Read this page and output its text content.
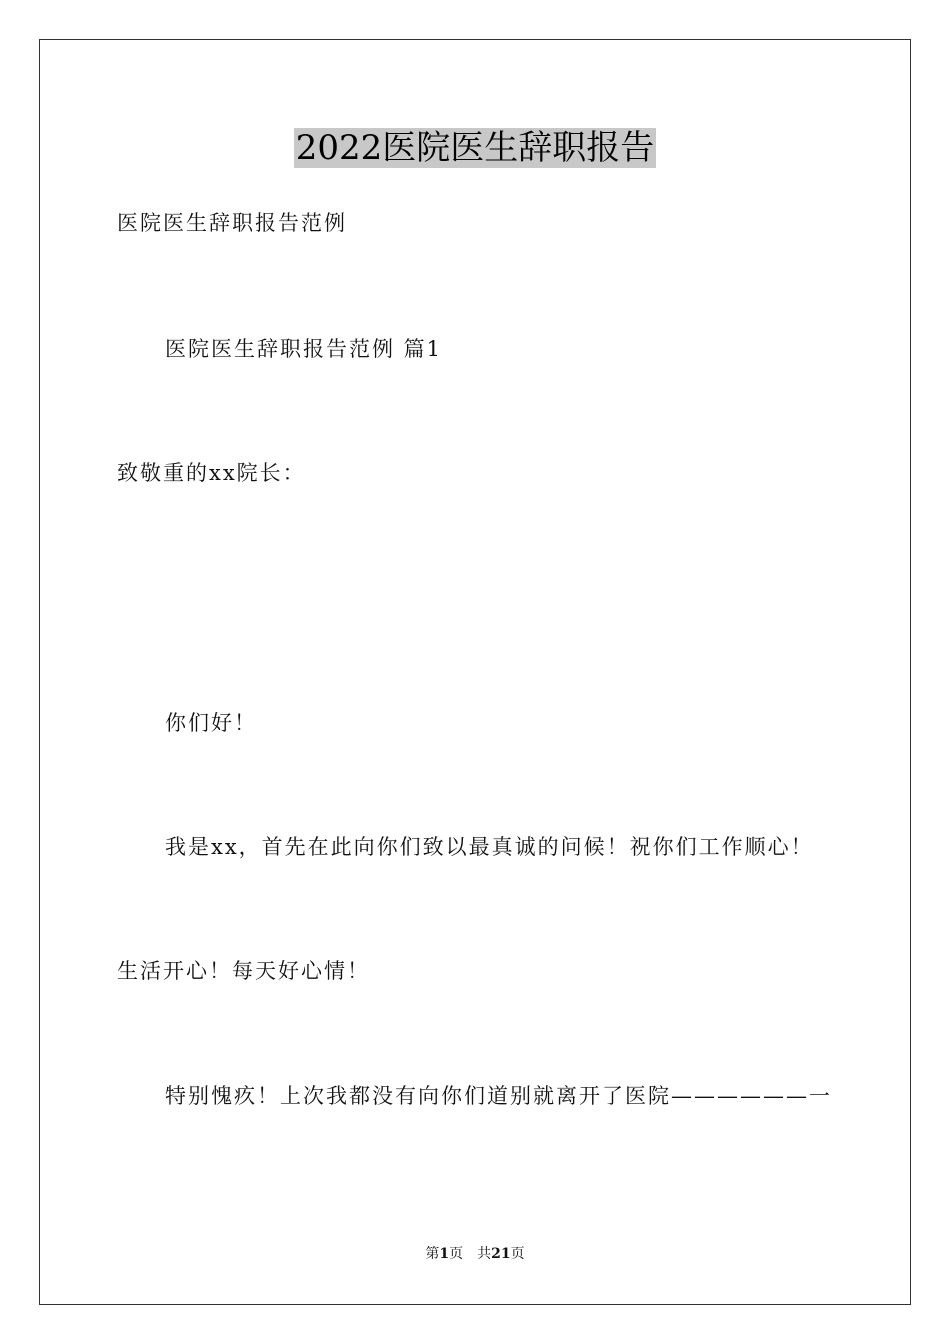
2022医院医生辞职报告

医院医生辞职报告范例

医院医生辞职报告范例 篇1

致敬重的xx院长：

你们好！

我是xx，首先在此向你们致以最真诚的问候！祝你们工作顺心！

生活开心！每天好心情！

特别愧疚！上次我都没有向你们道别就离开了医院——————一

第1页　共21页
